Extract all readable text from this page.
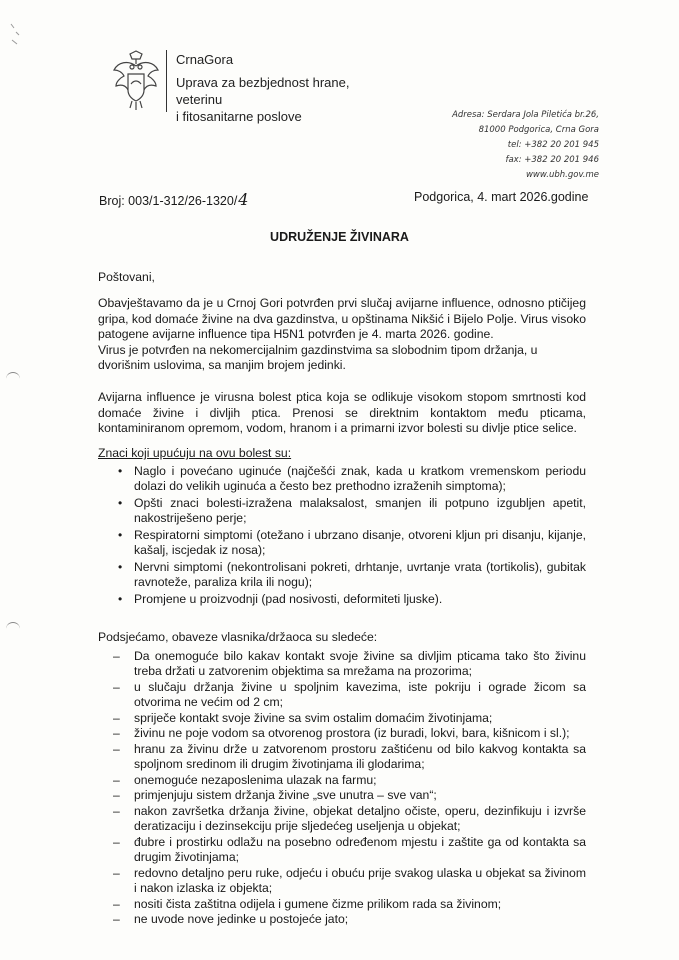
CrnaGora
Uprava za bezbjednost hrane, veterinu
i fitosanitarne poslove	Adresa: Serdara Jola Piletića br.26,
81000 Podgorica, Crna Gora
tel: +382 20 201 945
fax: +382 20 201 946
www.ubh.gov.me
Broj: 003/1-312/26-1320/4	Podgorica, 4. mart 2026.godine
UDRUŽENJE ŽIVINARA
Poštovani,
Obavještavamo da je u Crnoj Gori potvrđen prvi slučaj avijarne influence, odnosno ptičijeg gripa, kod domaće živine na dva gazdinstva, u opštinama Nikšić i Bijelo Polje. Virus visoko patogene avijarne influence tipa H5N1 potvrđen je 4. marta 2026. godine.
Virus je potvrđen na nekomercijalnim gazdinstvima sa slobodnim tipom držanja, u dvorišnim uslovima, sa manjim brojem jedinki.
Avijarna influence je virusna bolest ptica koja se odlikuje visokom stopom smrtnosti kod domaće živine i divljih ptica. Prenosi se direktnim kontaktom među pticama, kontaminiranom opremom, vodom, hranom i a primarni izvor bolesti su divlje ptice selice.
Znaci koji upućuju na ovu bolest su:
• Naglo i povećano uginuće (najčešći znak, kada u kratkom vremenskom periodu dolazi do velikih uginuća a često bez prethodno izraženih simptoma);
• Opšti znaci bolesti-izražena malaksalost, smanjen ili potpuno izgubljen apetit, nakostriješeno perje;
• Respiratorni simptomi (otežano i ubrzano disanje, otvoreni kljun pri disanju, kijanje, kašalj, iscjedak iz nosa);
• Nervni simptomi (nekontrolisani pokreti, drhtanje, uvrtanje vrata (tortikolis), gubitak ravnoteže, paraliza krila ili nogu);
• Promjene u proizvodnji (pad nosivosti, deformiteti ljuske).
Podsjećamo, obaveze vlasnika/držaoca su sledeće:
– Da onemoguće bilo kakav kontakt svoje živine sa divljim pticama tako što živinu treba držati u zatvorenim objektima sa mrežama na prozorima;
– u slučaju držanja živine u spoljnim kavezima, iste pokriju i ograde žicom sa otvorima ne većim od 2 cm;
– spriječe kontakt svoje živine sa svim ostalim domaćim životinjama;
– živinu ne poje vodom sa otvorenog prostora (iz buradi, lokvi, bara, kišnicom i sl.);
– hranu za živinu drže u zatvorenom prostoru zaštićenu od bilo kakvog kontakta sa spoljnom sredinom ili drugim životinjama ili glodarima;
– onemoguće nezaposlenima ulazak na farmu;
– primjenjuju sistem držanja živine „sve unutra – sve van“;
– nakon završetka držanja živine, objekat detaljno očiste, operu, dezinfikuju i izvrše deratizaciju i dezinsekciju prije sljedećeg useljenja u objekat;
– đubre i prostirku odlažu na posebno određenom mjestu i zaštite ga od kontakta sa drugim životinjama;
– redovno detaljno peru ruke, odjeću i obuću prije svakog ulaska u objekat sa živinom i nakon izlaska iz objekta;
– nositi čista zaštitna odijela i gumene čizme prilikom rada sa živinom;
– ne uvode nove jedinke u postojeće jato;
